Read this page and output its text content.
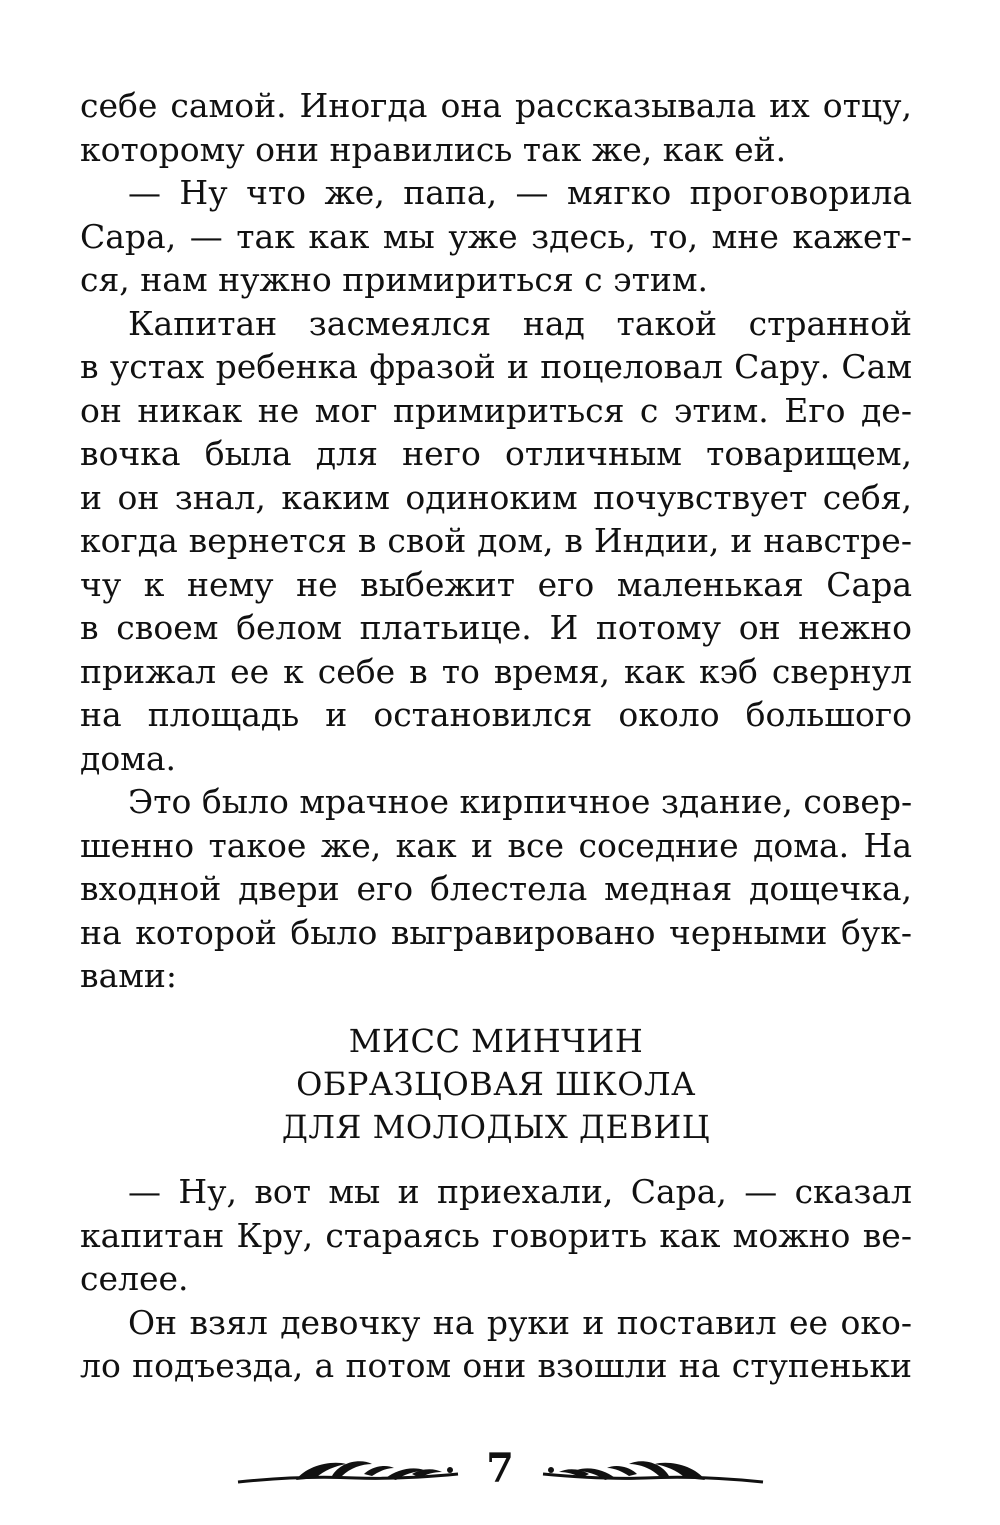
себе самой. Иногда она рассказывала их отцу,
которому они нравились так же, как ей.
— Ну что же, папа, — мягко проговорила
Сара, — так как мы уже здесь, то, мне кажет-
ся, нам нужно примириться с этим.
Капитан засмеялся над такой странной
в устах ребенка фразой и поцеловал Сару. Сам
он никак не мог примириться с этим. Его де-
вочка была для него отличным товарищем,
и он знал, каким одиноким почувствует себя,
когда вернется в свой дом, в Индии, и навстре-
чу к нему не выбежит его маленькая Сара
в своем белом платьице. И потому он нежно
прижал ее к себе в то время, как кэб свернул
на площадь и остановился около большого
дома.
Это было мрачное кирпичное здание, совер-
шенно такое же, как и все соседние дома. На
входной двери его блестела медная дощечка,
на которой было выгравировано черными бук-
вами:
МИСС МИНЧИН
ОБРАЗЦОВАЯ ШКОЛА
ДЛЯ МОЛОДЫХ ДЕВИЦ
— Ну, вот мы и приехали, Сара, — сказал
капитан Кру, стараясь говорить как можно ве-
селее.
Он взял девочку на руки и поставил ее око-
ло подъезда, а потом они взошли на ступеньки
7
